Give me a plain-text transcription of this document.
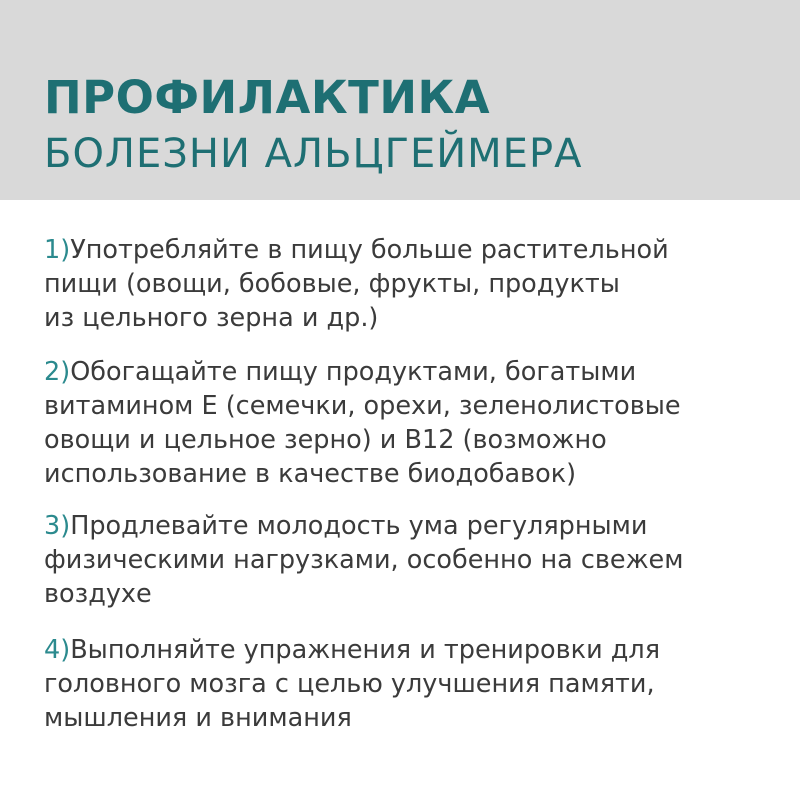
ПРОФИЛАКТИКА
БОЛЕЗНИ АЛЬЦГЕЙМЕРА
1)Употребляйте в пищу больше растительной
пищи (овощи, бобовые, фрукты, продукты
из цельного зерна и др.)
2)Обогащайте пищу продуктами, богатыми
витамином Е (семечки, орехи, зеленолистовые
овощи и цельное зерно) и В12 (возможно
использование в качестве биодобавок)
3)Продлевайте молодость ума регулярными
физическими нагрузками, особенно на свежем
воздухе
4)Выполняйте упражнения и тренировки для
головного мозга с целью улучшения памяти,
мышления и внимания
